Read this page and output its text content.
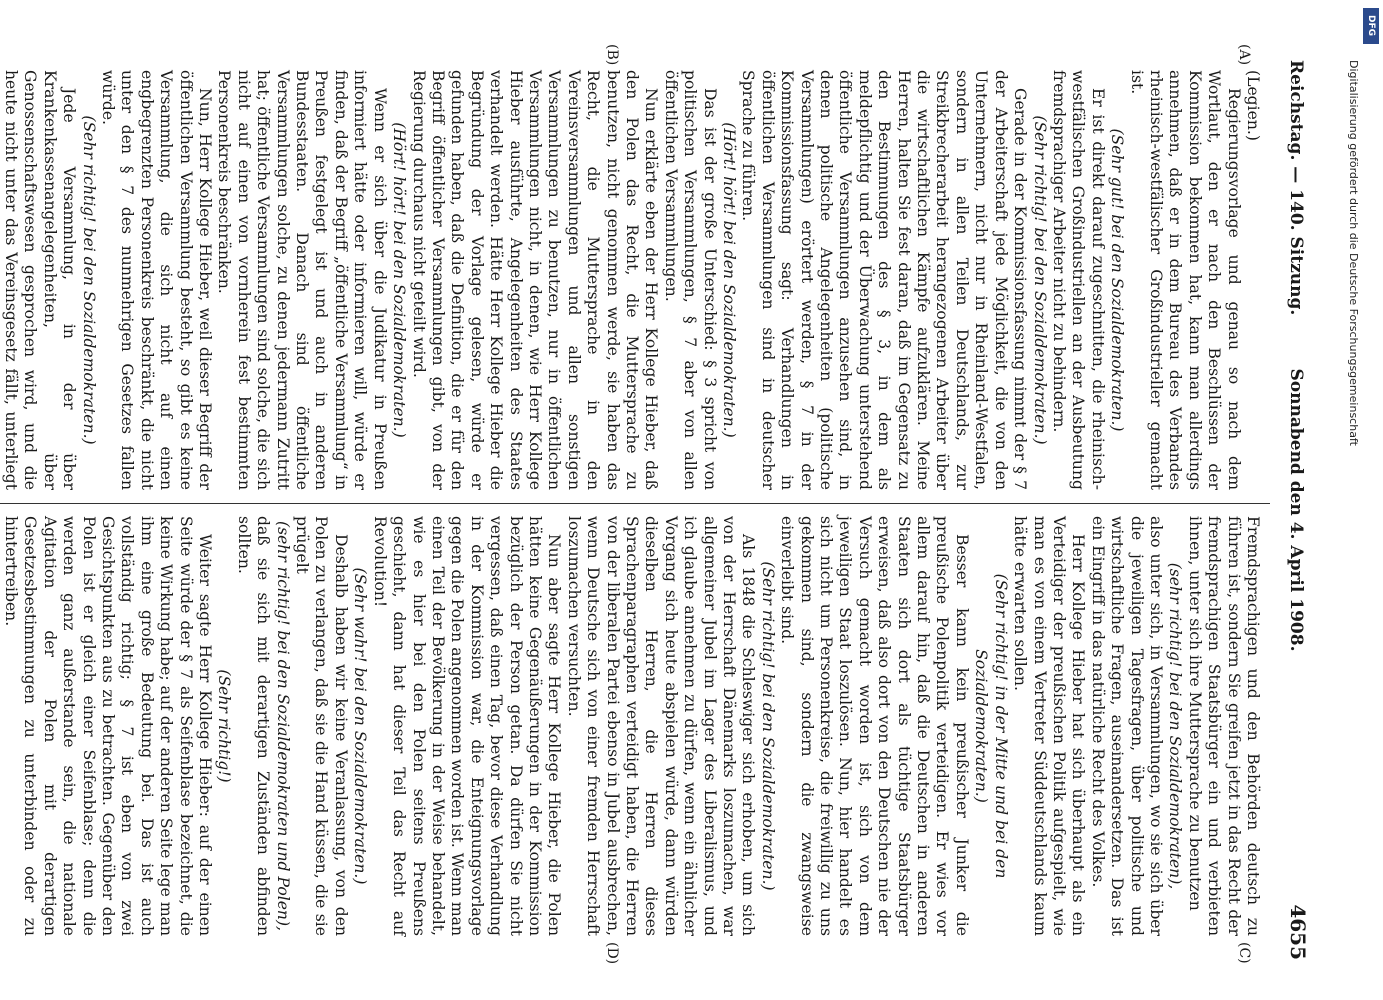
Reichstag. — 140. Sitzung.
Sonnabend den 4. April 1908.
4655
(A)
(B)
(C)
(D)

(Legien.)

Regierungsvorlage und genau so nach dem Wortlaut, den er nach den Beschlüssen der Kommission bekommen hat, kann man allerdings annehmen, daß er in dem Bureau des Verbandes rheinisch-westfälischer Großindustrieller gemacht ist.

(Sehr gut! bei den Sozialdemokraten.)

Er ist direkt darauf zugeschnitten, die rheinisch-westfälischen Großindustriellen an der Ausbeutung fremdsprachiger Arbeiter nicht zu behindern.

(Sehr richtig! bei den Sozialdemokraten.)

Gerade in der Kommissionsfassung nimmt der § 7 der Arbeiterschaft jede Möglichkeit, die von den Unternehmern, nicht nur in Rheinland-Westfalen, sondern in allen Teilen Deutschlands, zur Streikbrecherarbeit herangezogenen Arbeiter über die wirtschaftlichen Kämpfe aufzuklären. Meine Herren, halten Sie fest daran, daß im Gegensatz zu den Bestimmungen des § 3, in dem als meldepflichtig und der Überwachung unterstehend öffentliche Versammlungen anzusehen sind, in denen politische Angelegenheiten (politische Versammlungen) erörtert werden, § 7 in der Kommissionsfassung sagt: Verhandlungen in öffentlichen Versammlungen sind in deutscher Sprache zu führen.

(Hört! hört! bei den Sozialdemokraten.)

Das ist der große Unterschied: § 3 spricht von politischen Versammlungen, § 7 aber von allen öffentlichen Versammlungen.

Nun erklärte eben der Herr Kollege Hieber, daß den Polen das Recht, die Muttersprache zu benutzen, nicht genommen werde, sie haben das Recht, die Muttersprache in den Vereinsversammlungen und allen sonstigen Versammlungen zu benutzen, nur in öffentlichen Versammlungen nicht, in denen, wie Herr Kollege Hieber ausführte, Angelegenheiten des Staates verhandelt werden. Hätte Herr Kollege Hieber die Begründung der Vorlage gelesen, würde er gefunden haben, daß die Definition, die er für den Begriff öffentlicher Versammlungen gibt, von der Regierung durchaus nicht geteilt wird.

(Hört! hört! bei den Sozialdemokraten.)

Wenn er sich über die Judikatur in Preußen informiert hätte oder informieren will, würde er finden, daß der Begriff „öffentliche Versammlung“ in Preußen festgelegt ist und auch in anderen Bundesstaaten. Danach sind öffentliche Versammlungen solche, zu denen jedermann Zutritt hat; öffentliche Versammlungen sind solche, die sich nicht auf einen von vornherein fest bestimmten Personenkreis beschränken.

Nun, Herr Kollege Hieber, weil dieser Begriff der öffentlichen Versammlung besteht, so gibt es keine Versammlung, die sich nicht auf einen engbegrenzten Personenkreis beschränkt, die nicht unter den § 7 des nunmehrigen Gesetzes fallen würde.

(Sehr richtig! bei den Sozialdemokraten.)

Jede Versammlung, in der über Krankenkassenangelegenheiten, über Genossenschaftswesen gesprochen wird, und die heute nicht unter das Vereinsgesetz fällt, unterliegt

Fremdsprachigen und den Behörden deutsch zu führen ist, sondern Sie greifen jetzt in das Recht der fremdsprachigen Staatsbürger ein und verbieten ihnen, unter sich ihre Muttersprache zu benutzen

(sehr richtig! bei den Sozialdemokraten),

also unter sich, in Versammlungen, wo sie sich über die jeweiligen Tagesfragen, über politische und wirtschaftliche Fragen, auseinandersetzen. Das ist ein Eingriff in das natürliche Recht des Volkes.

Herr Kollege Hieber hat sich überhaupt als ein Verteidiger der preußischen Politik aufgespielt, wie man es von einem Vertreter Süddeutschlands kaum hätte erwarten sollen.

(Sehr richtig! in der Mitte und bei den Sozialdemokraten.)

Besser kann kein preußischer Junker die preußische Polenpolitik verteidigen. Er wies vor allem darauf hin, daß die Deutschen in anderen Staaten sich dort als tüchtige Staatsbürger erweisen, daß also dort von den Deutschen nie der Versuch gemacht worden ist, sich von dem jeweiligen Staat loszulösen. Nun, hier handelt es sich nicht um Personenkreise, die freiwillig zu uns gekommen sind, sondern die zwangsweise einverleibt sind.

(Sehr richtig! bei den Sozialdemokraten.)

Als 1848 die Schleswiger sich erhoben, um sich von der Herrschaft Dänemarks loszumachen, war allgemeiner Jubel im Lager des Liberalismus, und ich glaube annehmen zu dürfen, wenn ein ähnlicher Vorgang sich heute abspielen würde, dann würden dieselben Herren, die Herren dieses Sprachenparagraphen verteidigt haben, die Herren von der liberalen Partei ebenso in Jubel ausbrechen, wenn Deutsche sich von einer fremden Herrschaft loszumachen versuchten.

Nun aber sagte Herr Kollege Hieber, die Polen hätten keine Gegenäußerungen in der Kommission bezüglich der Person getan. Da dürfen Sie nicht vergessen, daß einen Tag, bevor diese Verhandlung in der Kommission war, die Enteignungsvorlage gegen die Polen angenommen worden ist. Wenn man einen Teil der Bevölkerung in der Weise behandelt, wie es hier bei den Polen seitens Preußens geschieht, dann hat dieser Teil das Recht auf Revolution!

(Sehr wahr! bei den Sozialdemokraten.)

Deshalb haben wir keine Veranlassung, von den Polen zu verlangen, daß sie die Hand küssen, die sie prügelt

(sehr richtig! bei den Sozialdemokraten und Polen),

daß sie sich mit derartigen Zuständen abfinden sollten.

(Sehr richtig!)

Weiter sagte Herr Kollege Hieber: auf der einen Seite würde der § 7 als Seifenblase bezeichnet, die keine Wirkung habe; auf der anderen Seite lege man ihm eine große Bedeutung bei. Das ist auch vollständig richtig; § 7 ist eben von zwei Gesichtspunkten aus zu betrachten. Gegenüber den Polen ist er gleich einer Seifenblase; denn die werden ganz außerstande sein, die nationale Agitation der Polen mit derartigen Gesetzesbestimmungen zu unterbinden oder zu hintertreiben.

DFG
Digitalisierung gefördert durch die Deutsche Forschungsgemeinschaft
